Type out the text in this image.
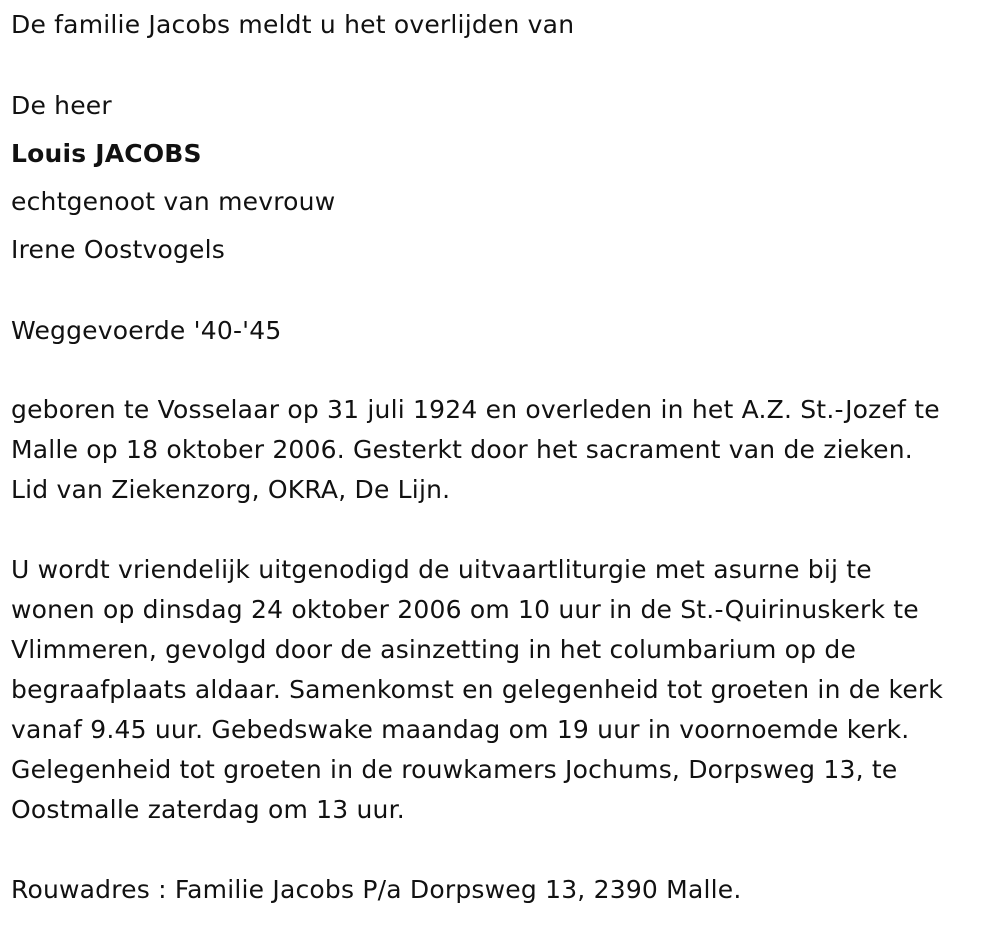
De familie Jacobs meldt u het overlijden van

De heer

Louis JACOBS

echtgenoot van mevrouw

Irene Oostvogels

Weggevoerde '40-'45

geboren te Vosselaar op 31 juli 1924 en overleden in het A.Z. St.-Jozef te
Malle op 18 oktober 2006. Gesterkt door het sacrament van de zieken.
Lid van Ziekenzorg, OKRA, De Lijn.
U wordt vriendelijk uitgenodigd de uitvaartliturgie met asurne bij te
wonen op dinsdag 24 oktober 2006 om 10 uur in de St.-Quirinuskerk te
Vlimmeren, gevolgd door de asinzetting in het columbarium op de
begraafplaats aldaar. Samenkomst en gelegenheid tot groeten in de kerk
vanaf 9.45 uur. Gebedswake maandag om 19 uur in voornoemde kerk.
Gelegenheid tot groeten in de rouwkamers Jochums, Dorpsweg 13, te
Oostmalle zaterdag om 13 uur.

Rouwadres : Familie Jacobs P/a Dorpsweg 13, 2390 Malle.
